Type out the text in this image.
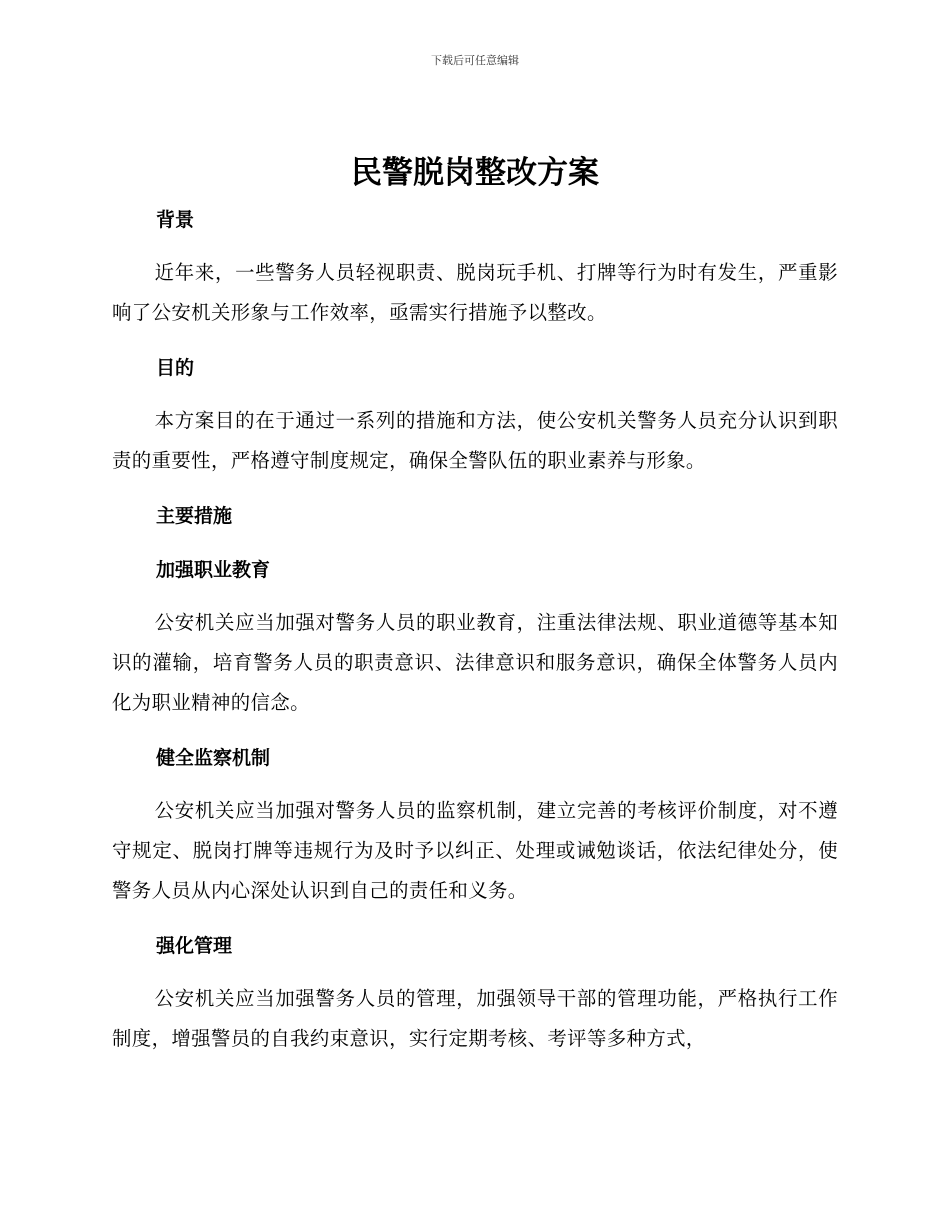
下载后可任意编辑
民警脱岗整改方案
背景

近年来，一些警务人员轻视职责、脱岗玩手机、打牌等行为时有发生，严重影响了公安机关形象与工作效率，亟需实行措施予以整改。

目的

本方案目的在于通过一系列的措施和方法，使公安机关警务人员充分认识到职责的重要性，严格遵守制度规定，确保全警队伍的职业素养与形象。

主要措施
加强职业教育

公安机关应当加强对警务人员的职业教育，注重法律法规、职业道德等基本知识的灌输，培育警务人员的职责意识、法律意识和服务意识，确保全体警务人员内化为职业精神的信念。

健全监察机制

公安机关应当加强对警务人员的监察机制，建立完善的考核评价制度，对不遵守规定、脱岗打牌等违规行为及时予以纠正、处理或诫勉谈话，依法纪律处分，使警务人员从内心深处认识到自己的责任和义务。

强化管理

公安机关应当加强警务人员的管理，加强领导干部的管理功能，严格执行工作制度，增强警员的自我约束意识，实行定期考核、考评等多种方式，
